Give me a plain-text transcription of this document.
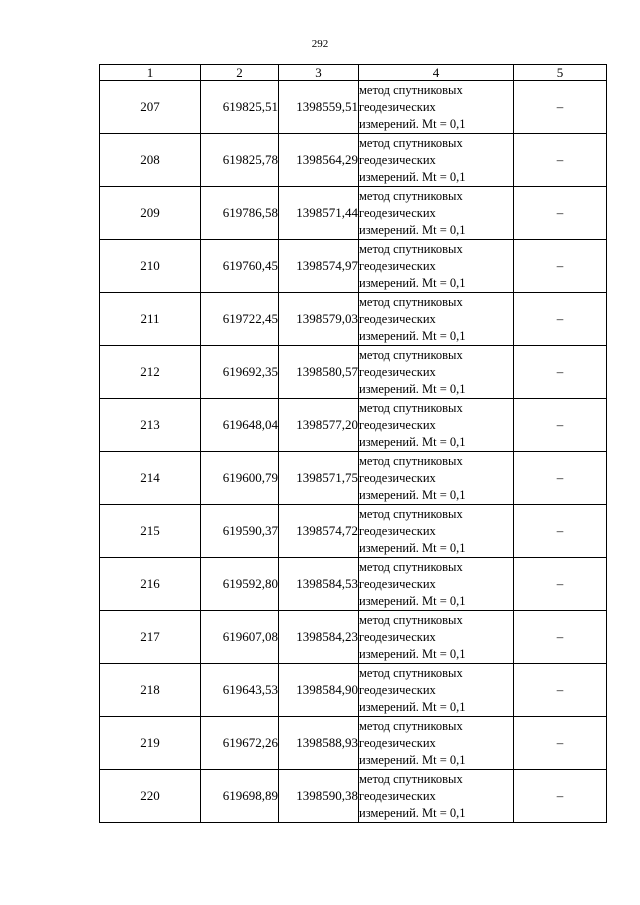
292
1	2	3	4	5
207	619825,51	1398559,51	метод спутниковых
геодезических
измерений. Mt = 0,1	–
208	619825,78	1398564,29	метод спутниковых
геодезических
измерений. Mt = 0,1	–
209	619786,58	1398571,44	метод спутниковых
геодезических
измерений. Mt = 0,1	–
210	619760,45	1398574,97	метод спутниковых
геодезических
измерений. Mt = 0,1	–
211	619722,45	1398579,03	метод спутниковых
геодезических
измерений. Mt = 0,1	–
212	619692,35	1398580,57	метод спутниковых
геодезических
измерений. Mt = 0,1	–
213	619648,04	1398577,20	метод спутниковых
геодезических
измерений. Mt = 0,1	–
214	619600,79	1398571,75	метод спутниковых
геодезических
измерений. Mt = 0,1	–
215	619590,37	1398574,72	метод спутниковых
геодезических
измерений. Mt = 0,1	–
216	619592,80	1398584,53	метод спутниковых
геодезических
измерений. Mt = 0,1	–
217	619607,08	1398584,23	метод спутниковых
геодезических
измерений. Mt = 0,1	–
218	619643,53	1398584,90	метод спутниковых
геодезических
измерений. Mt = 0,1	–
219	619672,26	1398588,93	метод спутниковых
геодезических
измерений. Mt = 0,1	–
220	619698,89	1398590,38	метод спутниковых
геодезических
измерений. Mt = 0,1	–
